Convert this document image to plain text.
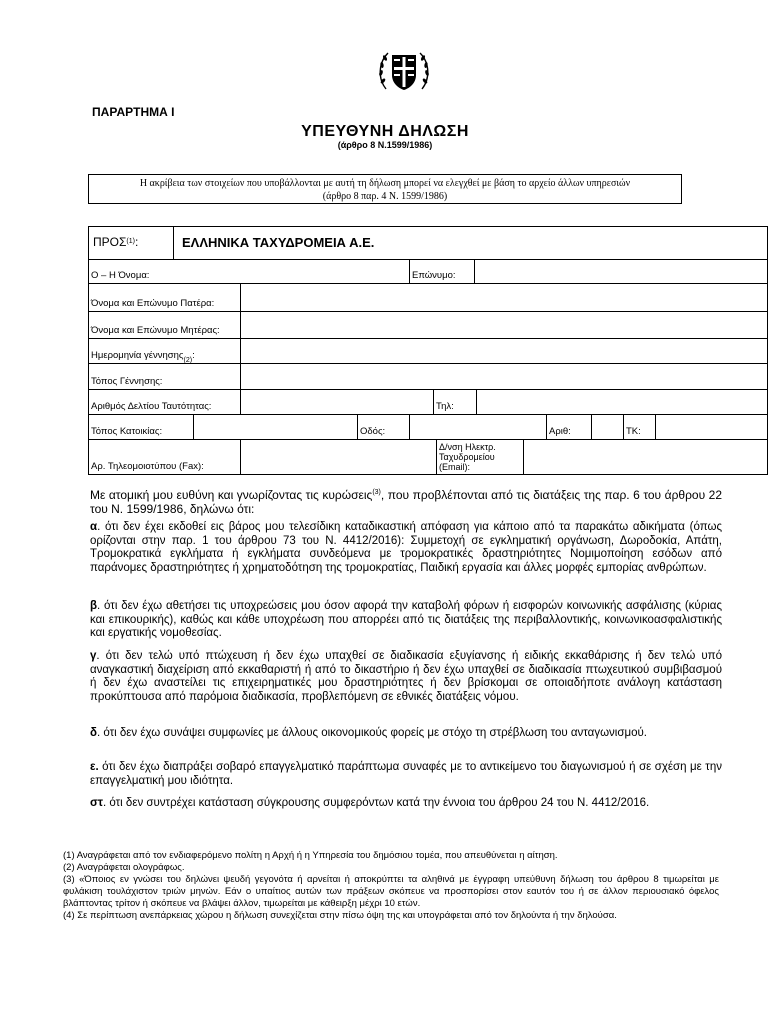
ΠΑΡΑΡΤΗΜΑ Ι
ΥΠΕΥΘΥΝΗ ΔΗΛΩΣΗ
(άρθρο 8 Ν.1599/1986)
Η ακρίβεια των στοιχείων που υποβάλλονται με αυτή τη δήλωση μπορεί να ελεγχθεί με βάση το αρχείο άλλων υπηρεσιών
(άρθρο 8 παρ. 4 Ν. 1599/1986)
ΠΡΟΣ (1) :	ΕΛΛΗΝΙΚΑ ΤΑΧΥΔΡΟΜΕΙΑ Α.Ε.
Ο – Η Όνομα:	Επώνυμο:
Όνομα και Επώνυμο Πατέρα:
Όνομα και Επώνυμο Μητέρας:
Ημερομηνία γέννησης (2) :
Τόπος Γέννησης:
Αριθμός Δελτίου Ταυτότητας:	Τηλ:
Τόπος Κατοικίας:	Οδός:	Αριθ:	ΤΚ:
Αρ. Τηλεομοιοτύπου (Fax):
Δ/νση Ηλεκτρ.
Ταχυδρομείου
(Email):
Με ατομική μου ευθύνη και γνωρίζοντας τις κυρώσεις$^{(3)}$, που προβλέπονται από τις διατάξεις της παρ. 6 του άρθρου 22 του Ν. 1599/1986, δηλώνω ότι:
α. ότι δεν έχει εκδοθεί εις βάρος μου τελεσίδικη καταδικαστική απόφαση για κάποιο από τα παρακάτω αδικήματα (όπως ορίζονται στην παρ. 1 του άρθρου 73 του Ν. 4412/2016): Συμμετοχή σε εγκληματική οργάνωση, Δωροδοκία, Απάτη, Τρομοκρατικά εγκλήματα ή εγκλήματα συνδεόμενα με τρομοκρατικές δραστηριότητες Νομιμοποίηση εσόδων από παράνομες δραστηριότητες ή χρηματοδότηση της τρομοκρατίας, Παιδική εργασία και άλλες μορφές εμπορίας ανθρώπων.
β. ότι δεν έχω αθετήσει τις υποχρεώσεις μου όσον αφορά την καταβολή φόρων ή εισφορών κοινωνικής ασφάλισης (κύριας και επικουρικής), καθώς και κάθε υποχρέωση που απορρέει από τις διατάξεις της περιβαλλοντικής, κοινωνικοασφαλιστικής και εργατικής νομοθεσίας.
γ. ότι δεν τελώ υπό πτώχευση ή δεν έχω υπαχθεί σε διαδικασία εξυγίανσης ή ειδικής εκκαθάρισης ή δεν τελώ υπό αναγκαστική διαχείριση από εκκαθαριστή ή από το δικαστήριο ή δεν έχω υπαχθεί σε διαδικασία πτωχευτικού συμβιβασμού ή δεν έχω αναστείλει τις επιχειρηματικές μου δραστηριότητες ή δεν βρίσκομαι σε οποιαδήποτε ανάλογη κατάσταση προκύπτουσα από παρόμοια διαδικασία, προβλεπόμενη σε εθνικές διατάξεις νόμου.
δ. ότι δεν έχω συνάψει συμφωνίες με άλλους οικονομικούς φορείς με στόχο τη στρέβλωση του ανταγωνισμού.
ε. ότι δεν έχω διαπράξει σοβαρό επαγγελματικό παράπτωμα συναφές με το αντικείμενο του διαγωνισμού ή σε σχέση με την επαγγελματική μου ιδιότητα.
στ. ότι δεν συντρέχει κατάσταση σύγκρουσης συμφερόντων κατά την έννοια του άρθρου 24 του Ν. 4412/2016.

(1) Αναγράφεται από τον ενδιαφερόμενο πολίτη η Αρχή ή η Υπηρεσία του δημόσιου τομέα, που απευθύνεται η αίτηση.

(2) Αναγράφεται ολογράφως.

(3) «Όποιος εν γνώσει του δηλώνει ψευδή γεγονότα ή αρνείται ή αποκρύπτει τα αληθινά με έγγραφη υπεύθυνη δήλωση του άρθρου 8 τιμωρείται με φυλάκιση τουλάχιστον τριών μηνών. Εάν ο υπαίτιος αυτών των πράξεων σκόπευε να προσπορίσει στον εαυτόν του ή σε άλλον περιουσιακό όφελος βλάπτοντας τρίτον ή σκόπευε να βλάψει άλλον, τιμωρείται με κάθειρξη μέχρι 10 ετών.

(4) Σε περίπτωση ανεπάρκειας χώρου η δήλωση συνεχίζεται στην πίσω όψη της και υπογράφεται από τον δηλούντα ή την δηλούσα.
